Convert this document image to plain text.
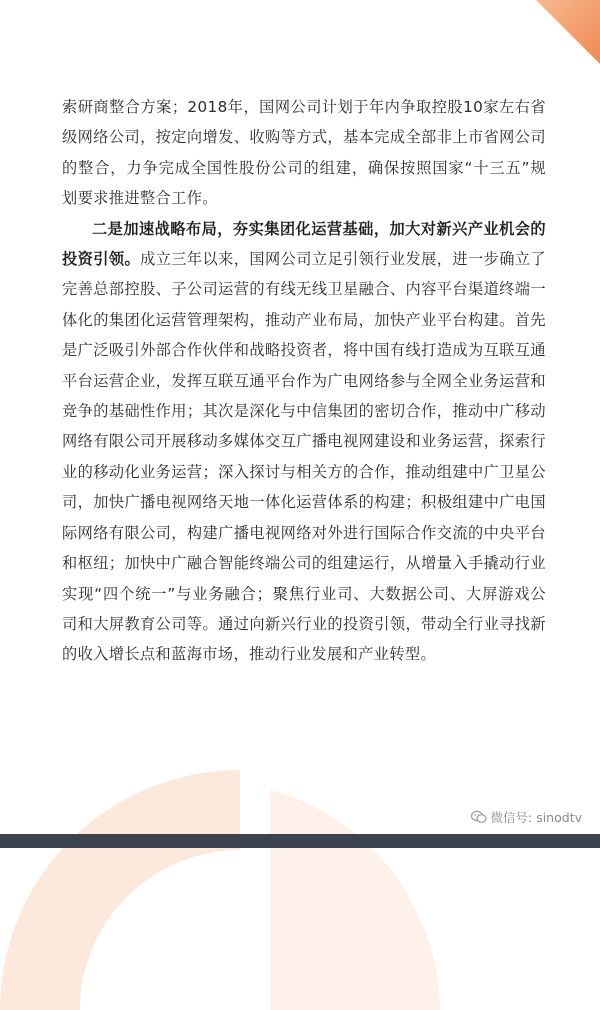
索研商整合方案；2018年，国网公司计划于年内争取控股10家左右省级网络公司，按定向增发、收购等方式，基本完成全部非上市省网公司的整合，力争完成全国性股份公司的组建，确保按照国家“十三五”规划要求推进整合工作。

二是加速战略布局，夯实集团化运营基础，加大对新兴产业机会的投资引领。成立三年以来，国网公司立足引领行业发展，进一步确立了完善总部控股、子公司运营的有线无线卫星融合、内容平台渠道终端一体化的集团化运营管理架构，推动产业布局，加快产业平台构建。首先是广泛吸引外部合作伙伴和战略投资者，将中国有线打造成为互联互通平台运营企业，发挥互联互通平台作为广电网络参与全网全业务运营和竞争的基础性作用；其次是深化与中信集团的密切合作，推动中广移动网络有限公司开展移动多媒体交互广播电视网建设和业务运营，探索行业的移动化业务运营；深入探讨与相关方的合作，推动组建中广卫星公司，加快广播电视网络天地一体化运营体系的构建；积极组建中广电国际网络有限公司，构建广播电视网络对外进行国际合作交流的中央平台和枢纽；加快中广融合智能终端公司的组建运行，从增量入手撬动行业实现“四个统一”与业务融合；聚焦行业司、大数据公司、大屏游戏公司和大屏教育公司等。通过向新兴行业的投资引领，带动全行业寻找新的收入增长点和蓝海市场，推动行业发展和产业转型。

微信号: sinodtv
